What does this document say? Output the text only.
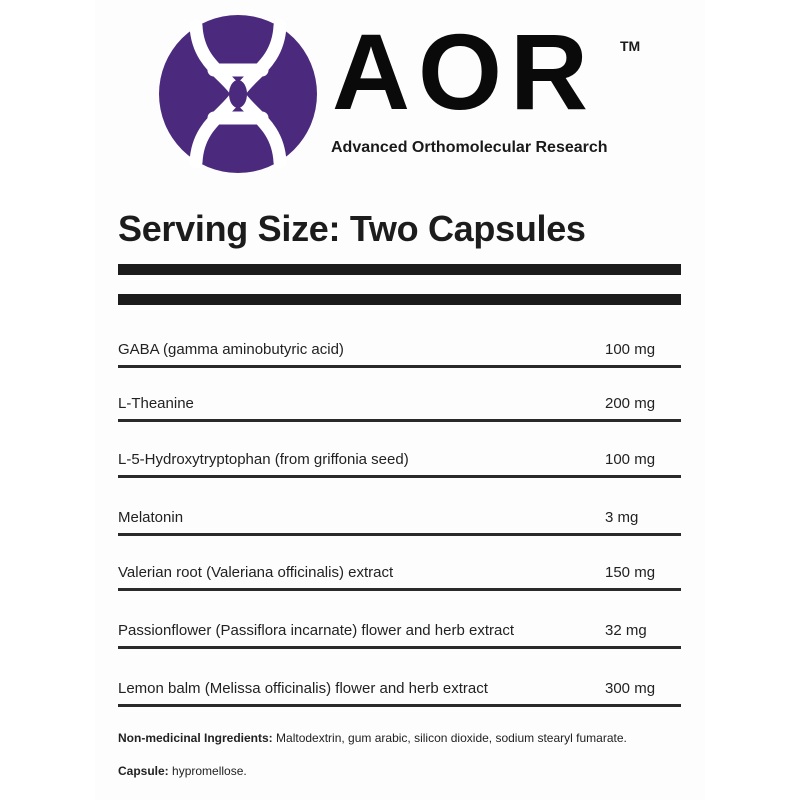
AOR TM
Advanced Orthomolecular Research
Serving Size: Two Capsules
GABA (gamma aminobutyric acid)	100 mg
L-Theanine	200 mg
L-5-Hydroxytryptophan (from griffonia seed)	100 mg
Melatonin	3 mg
Valerian root (Valeriana officinalis) extract	150 mg
Passionflower (Passiflora incarnate) flower and herb extract	32 mg
Lemon balm (Melissa officinalis) flower and herb extract	300 mg
Non-medicinal Ingredients: Maltodextrin, gum arabic, silicon dioxide, sodium stearyl fumarate.
Capsule: hypromellose.
